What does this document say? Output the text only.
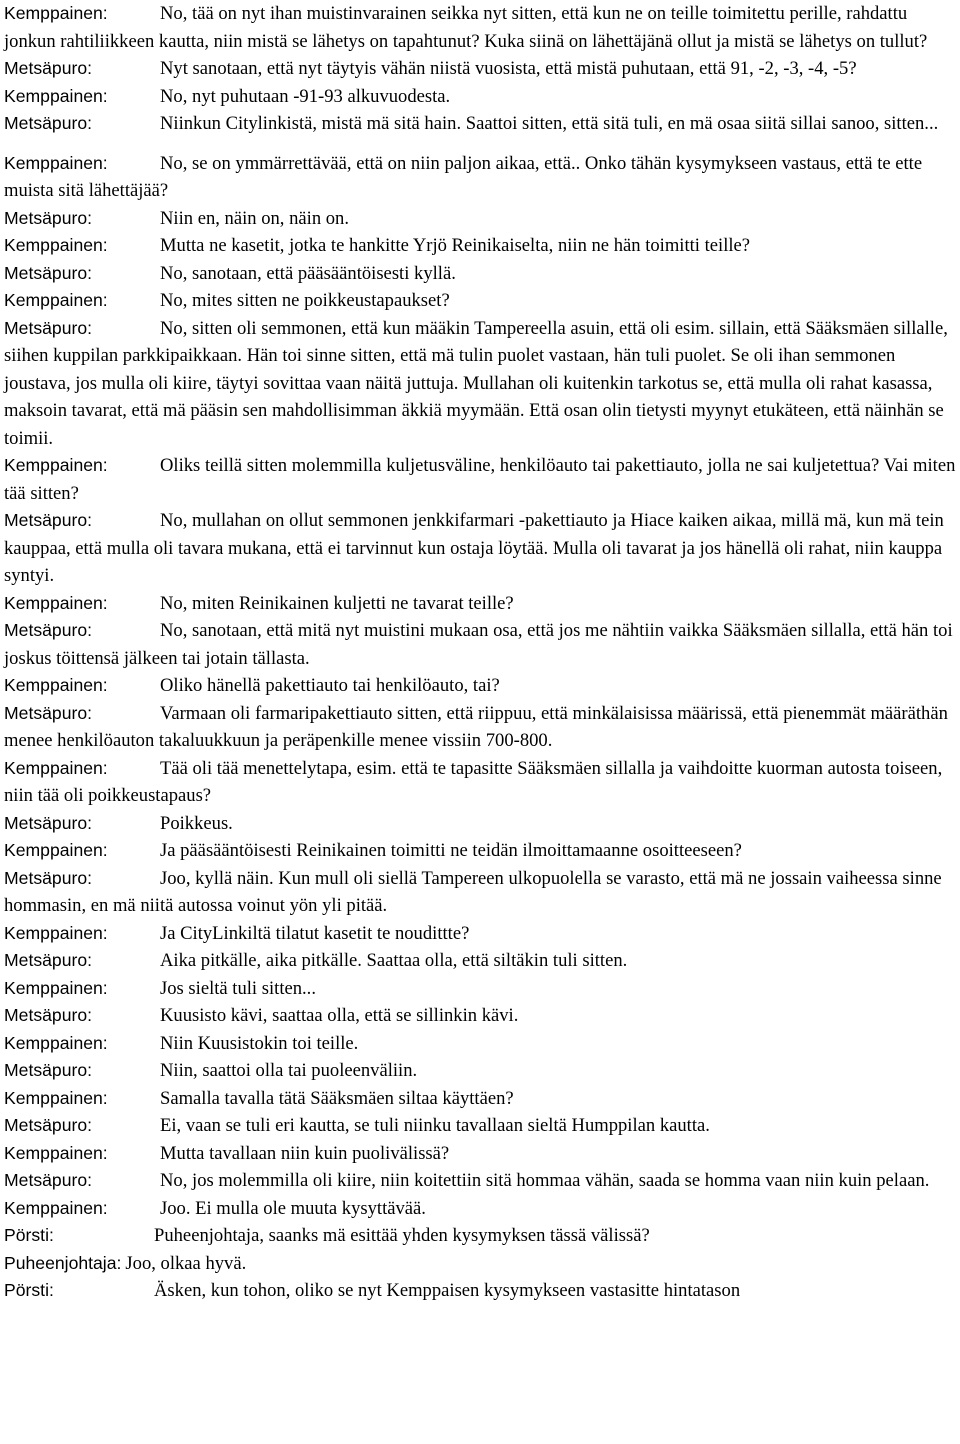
Kemppainen:	No, tää on nyt ihan muistinvarainen seikka nyt sitten, että kun ne on teille toimitettu perille, rahdattu jonkun rahtiliikkeen kautta, niin mistä se lähetys on tapahtunut? Kuka siinä on lähettäjänä ollut ja mistä se lähetys on tullut?

Metsäpuro:	Nyt sanotaan, että nyt täytyis vähän niistä vuosista, että mistä puhutaan, että 91, -2, -3, -4, -5?

Kemppainen:	No, nyt puhutaan -91-93 alkuvuodesta.

Metsäpuro:	Niinkun Citylinkistä, mistä mä sitä hain. Saattoi sitten, että sitä tuli, en mä osaa siitä sillai sanoo, sitten...

Kemppainen:	No, se on ymmärrettävää, että on niin paljon aikaa, että.. Onko tähän kysymykseen vastaus, että te ette muista sitä lähettäjää?

Metsäpuro:	Niin en, näin on, näin on.

Kemppainen:	Mutta ne kasetit, jotka te hankitte Yrjö Reinikaiselta, niin ne hän toimitti teille?

Metsäpuro:	No, sanotaan, että pääsääntöisesti kyllä.

Kemppainen:	No, mites sitten ne poikkeustapaukset?

Metsäpuro:	No, sitten oli semmonen, että kun määkin Tampereella asuin, että oli esim. sillain, että Sääksmäen sillalle, siihen kuppilan parkkipaikkaan. Hän toi sinne sitten, että mä tulin puolet vastaan, hän tuli puolet. Se oli ihan semmonen joustava, jos mulla oli kiire, täytyi sovittaa vaan näitä juttuja. Mullahan oli kuitenkin tarkotus se, että mulla oli rahat kasassa, maksoin tavarat, että mä pääsin sen mahdollisimman äkkiä myymään. Että osan olin tietysti myynyt etukäteen, että näinhän se toimii.

Kemppainen:	Oliks teillä sitten molemmilla kuljetusväline, henkilöauto tai pakettiauto, jolla ne sai kuljetettua? Vai miten tää sitten?

Metsäpuro:	No, mullahan on ollut semmonen jenkkifarmari -pakettiauto ja Hiace kaiken aikaa, millä mä, kun mä tein kauppaa, että mulla oli tavara mukana, että ei tarvinnut kun ostaja löytää. Mulla oli tavarat ja jos hänellä oli rahat, niin kauppa syntyi.

Kemppainen:	No, miten Reinikainen kuljetti ne tavarat teille?

Metsäpuro:	No, sanotaan, että mitä nyt muistini mukaan osa, että jos me nähtiin vaikka Sääksmäen sillalla, että hän toi joskus töittensä jälkeen tai jotain tällasta.

Kemppainen:	Oliko hänellä pakettiauto tai henkilöauto, tai?

Metsäpuro:	Varmaan oli farmaripakettiauto sitten, että riippuu, että minkälaisissa määrissä, että pienemmät määräthän menee henkilöauton takaluukkuun ja peräpenkille menee vissiin 700-800.

Kemppainen:	Tää oli tää menettelytapa, esim. että te tapasitte Sääksmäen sillalla ja vaihdoitte kuorman autosta toiseen, niin tää oli poikkeustapaus?

Metsäpuro:	Poikkeus.

Kemppainen:	Ja pääsääntöisesti Reinikainen toimitti ne teidän ilmoittamaanne osoitteeseen?

Metsäpuro:	Joo, kyllä näin. Kun mull oli siellä Tampereen ulkopuolella se varasto, että mä ne jossain vaiheessa sinne hommasin, en mä niitä autossa voinut yön yli pitää.

Kemppainen:	Ja CityLinkiltä tilatut kasetit te noudittte?

Metsäpuro:	Aika pitkälle, aika pitkälle. Saattaa olla, että siltäkin tuli sitten.

Kemppainen:	Jos sieltä tuli sitten...

Metsäpuro:	Kuusisto kävi, saattaa olla, että se sillinkin kävi.

Kemppainen:	Niin Kuusistokin toi teille.

Metsäpuro:	Niin, saattoi olla tai puoleenväliin.

Kemppainen:	Samalla tavalla tätä Sääksmäen siltaa käyttäen?

Metsäpuro:	Ei, vaan se tuli eri kautta, se tuli niinku tavallaan sieltä Humppilan kautta.

Kemppainen:	Mutta tavallaan niin kuin puolivälissä?

Metsäpuro:	No, jos molemmilla oli kiire, niin koitettiin sitä hommaa vähän, saada se homma vaan niin kuin pelaan.

Kemppainen:	Joo. Ei mulla ole muuta kysyttävää.

Pörsti:	Puheenjohtaja, saanks mä esittää yhden kysymyksen tässä välissä?

Puheenjohtaja: Joo, olkaa hyvä.

Pörsti:	Äsken, kun tohon, oliko se nyt Kemppaisen kysymykseen vastasitte hintatason
